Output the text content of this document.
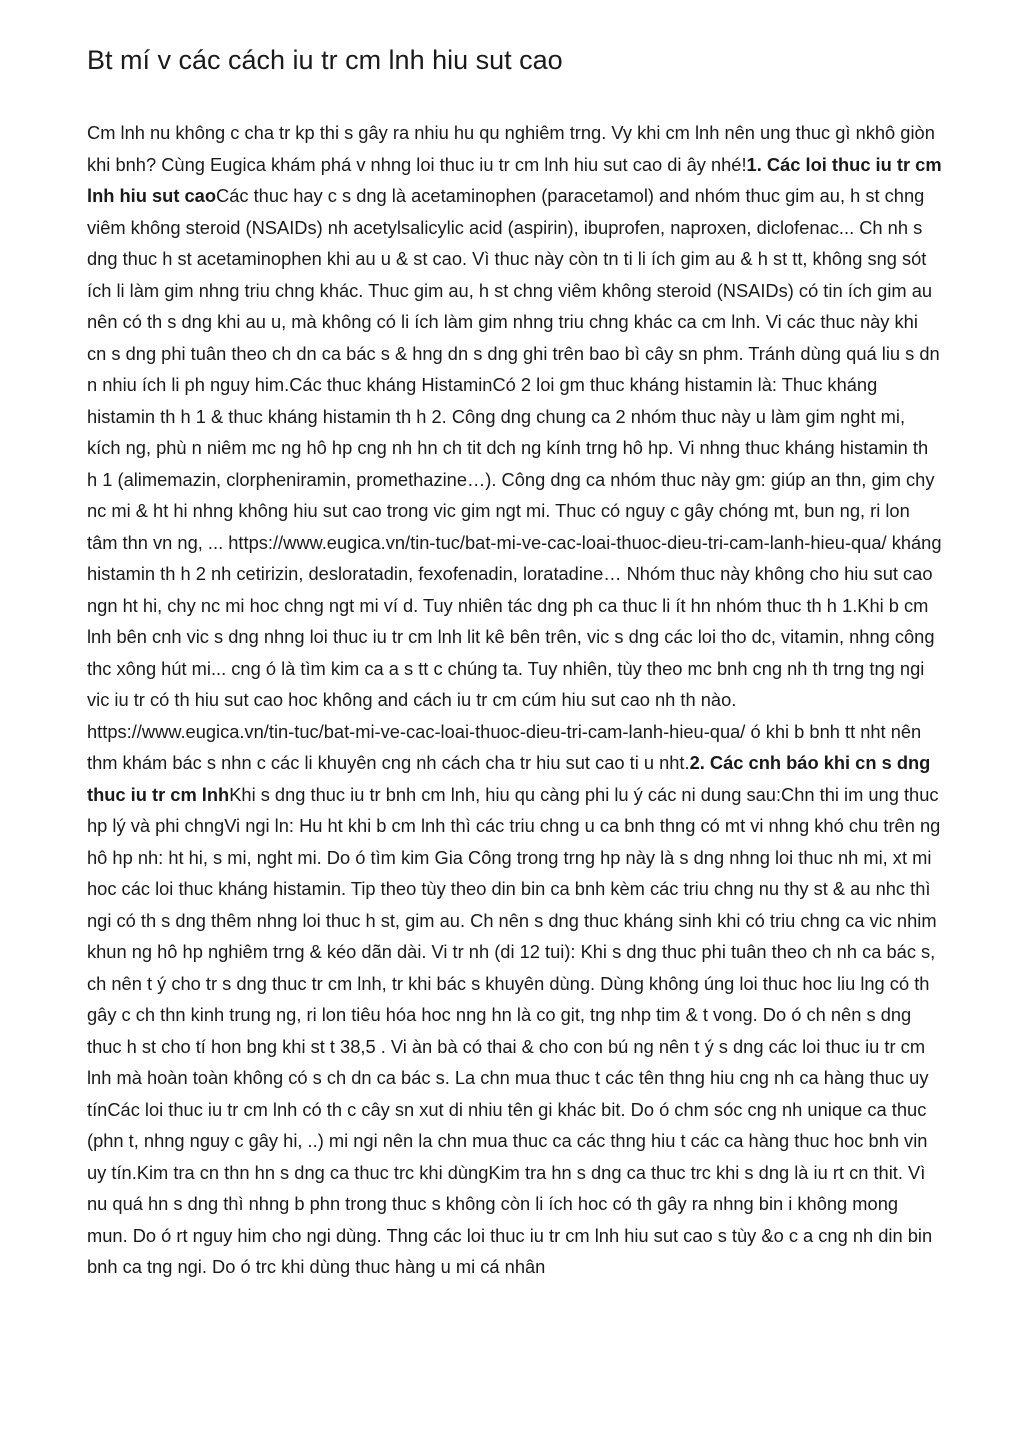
Bt mí v các cách iu tr cm lnh hiu sut cao
Cm lnh nu không c cha tr kp thi s gây ra nhiu hu qu nghiêm trng. Vy khi cm lnh nên ung thuc gì nkhô giòn khi bnh? Cùng Eugica khám phá v nhng loi thuc iu tr cm lnh hiu sut cao di ây nhé!1. Các loi thuc iu tr cm lnh hiu sut caoCác thuc hay c s dng là acetaminophen (paracetamol) and nhóm thuc gim au, h st chng viêm không steroid (NSAIDs) nh acetylsalicylic acid (aspirin), ibuprofen, naproxen, diclofenac... Ch nh s dng thuc h st acetaminophen khi au u & st cao. Vì thuc này còn tn ti li ích gim au & h st tt, không sng sót ích li làm gim nhng triu chng khác. Thuc gim au, h st chng viêm không steroid (NSAIDs) có tin ích gim au nên có th s dng khi au u, mà không có li ích làm gim nhng triu chng khác ca cm lnh. Vi các thuc này khi cn s dng phi tuân theo ch dn ca bác s & hng dn s dng ghi trên bao bì cây sn phm. Tránh dùng quá liu s dn n nhiu ích li ph nguy him.Các thuc kháng HistaminCó 2 loi gm thuc kháng histamin là: Thuc kháng histamin th h 1 & thuc kháng histamin th h 2. Công dng chung ca 2 nhóm thuc này u làm gim nght mi, kích ng, phù n niêm mc ng hô hp cng nh hn ch tit dch ng kính trng hô hp. Vi nhng thuc kháng histamin th h 1 (alimemazin, clorpheniramin, promethazine…). Công dng ca nhóm thuc này gm: giúp an thn, gim chy nc mi & ht hi nhng không hiu sut cao trong vic gim ngt mi. Thuc có nguy c gây chóng mt, bun ng, ri lon tâm thn vn ng, ... https://www.eugica.vn/tin-tuc/bat-mi-ve-cac-loai-thuoc-dieu-tri-cam-lanh-hieu-qua/ kháng histamin th h 2 nh cetirizin, desloratadin, fexofenadin, loratadine… Nhóm thuc này không cho hiu sut cao ngn ht hi, chy nc mi hoc chng ngt mi ví d. Tuy nhiên tác dng ph ca thuc li ít hn nhóm thuc th h 1.Khi b cm lnh bên cnh vic s dng nhng loi thuc iu tr cm lnh lit kê bên trên, vic s dng các loi tho dc, vitamin, nhng công thc xông hút mi... cng ó là tìm kim ca a s tt c chúng ta. Tuy nhiên, tùy theo mc bnh cng nh th trng tng ngi vic iu tr có th hiu sut cao hoc không and cách iu tr cm cúm hiu sut cao nh th nào. https://www.eugica.vn/tin-tuc/bat-mi-ve-cac-loai-thuoc-dieu-tri-cam-lanh-hieu-qua/ ó khi b bnh tt nht nên thm khám bác s nhn c các li khuyên cng nh cách cha tr hiu sut cao ti u nht.2. Các cnh báo khi cn s dng thuc iu tr cm lnhKhi s dng thuc iu tr bnh cm lnh, hiu qu càng phi lu ý các ni dung sau:Chn thi im ung thuc hp lý và phi chngVi ngi ln: Hu ht khi b cm lnh thì các triu chng u ca bnh thng có mt vi nhng khó chu trên ng hô hp nh: ht hi, s mi, nght mi. Do ó tìm kim Gia Công trong trng hp này là s dng nhng loi thuc nh mi, xt mi hoc các loi thuc kháng histamin. Tip theo tùy theo din bin ca bnh kèm các triu chng nu thy st & au nhc thì ngi có th s dng thêm nhng loi thuc h st, gim au. Ch nên s dng thuc kháng sinh khi có triu chng ca vic nhim khun ng hô hp nghiêm trng & kéo dãn dài. Vi tr nh (di 12 tui): Khi s dng thuc phi tuân theo ch nh ca bác s, ch nên t ý cho tr s dng thuc tr cm lnh, tr khi bác s khuyên dùng. Dùng không úng loi thuc hoc liu lng có th gây c ch thn kinh trung ng, ri lon tiêu hóa hoc nng hn là co git, tng nhp tim & t vong. Do ó ch nên s dng thuc h st cho tí hon bng khi st t 38,5 . Vi àn bà có thai & cho con bú ng nên t ý s dng các loi thuc iu tr cm lnh mà hoàn toàn không có s ch dn ca bác s. La chn mua thuc t các tên thng hiu cng nh ca hàng thuc uy tínCác loi thuc iu tr cm lnh có th c cây sn xut di nhiu tên gi khác bit. Do ó chm sóc cng nh unique ca thuc (phn t, nhng nguy c gây hi, ..) mi ngi nên la chn mua thuc ca các thng hiu t các ca hàng thuc hoc bnh vin uy tín.Kim tra cn thn hn s dng ca thuc trc khi dùngKim tra hn s dng ca thuc trc khi s dng là iu rt cn thit. Vì nu quá hn s dng thì nhng b phn trong thuc s không còn li ích hoc có th gây ra nhng bin i không mong mun. Do ó rt nguy him cho ngi dùng. Thng các loi thuc iu tr cm lnh hiu sut cao s tùy &o c a cng nh din bin bnh ca tng ngi. Do ó trc khi dùng thuc hàng u mi cá nhân
